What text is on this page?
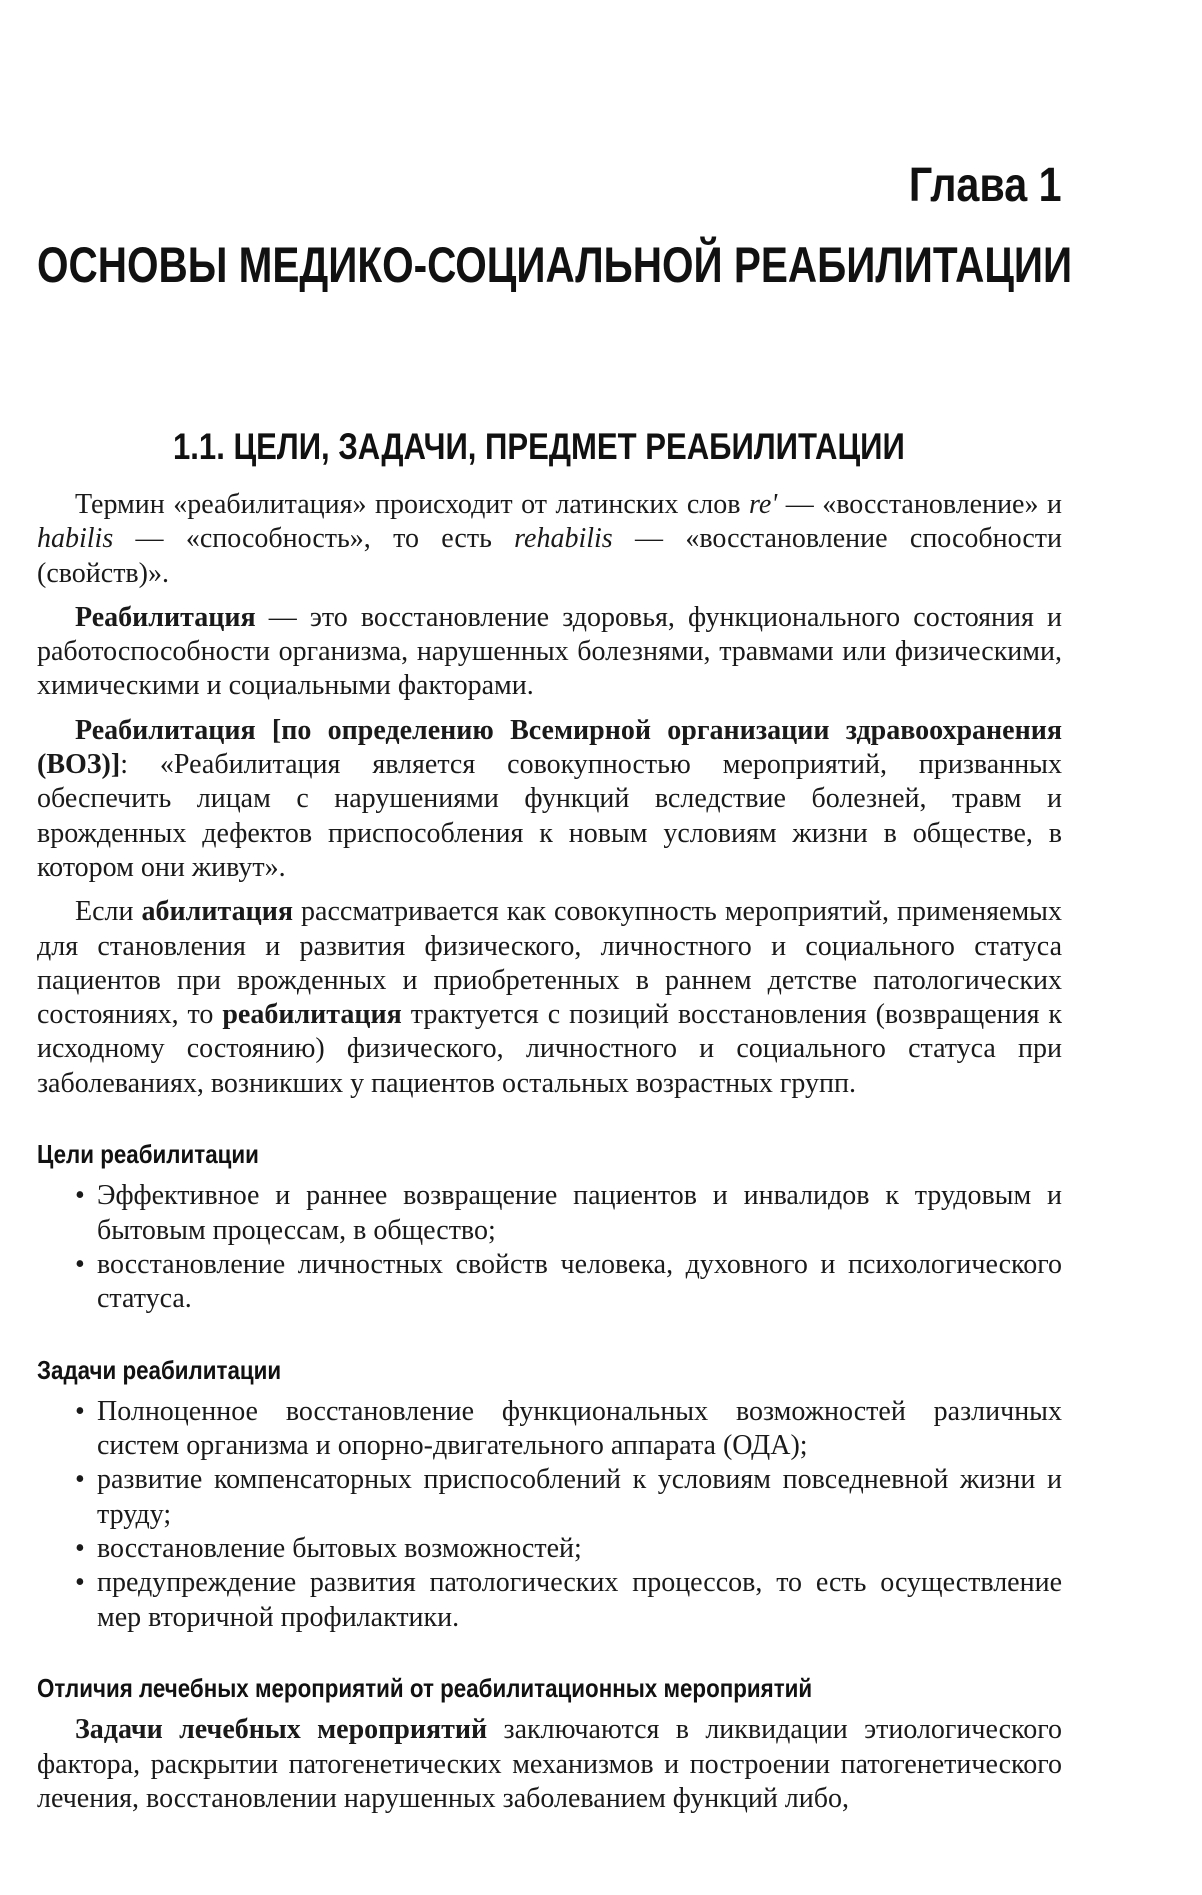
Глава 1
ОСНОВЫ МЕДИКО-СОЦИАЛЬНОЙ РЕАБИЛИТАЦИИ
1.1. ЦЕЛИ, ЗАДАЧИ, ПРЕДМЕТ РЕАБИЛИТАЦИИ

Термин «реабилитация» происходит от латинских слов re' — «восстановление» и habilis — «способность», то есть rehabilis — «восстановление способности (свойств)».

Реабилитация — это восстановление здоровья, функционального состояния и работоспособности организма, нарушенных болезнями, травмами или физическими, химическими и социальными факторами.

Реабилитация [по определению Всемирной организации здравоохранения (ВОЗ)]: «Реабилитация является совокупностью мероприятий, призванных обеспечить лицам с нарушениями функций вследствие болезней, травм и врожденных дефектов приспособления к новым условиям жизни в обществе, в котором они живут».

Если абилитация рассматривается как совокупность мероприятий, применяемых для становления и развития физического, личностного и социального статуса пациентов при врожденных и приобретенных в раннем детстве патологических состояниях, то реабилитация трактуется с позиций восстановления (возвращения к исходному состоянию) физического, личностного и социального статуса при заболеваниях, возникших у пациентов остальных возрастных групп.

Цели реабилитации
• Эффективное и раннее возвращение пациентов и инвалидов к трудовым и бытовым процессам, в общество;
• восстановление личностных свойств человека, духовного и психологического статуса.
Задачи реабилитации
• Полноценное восстановление функциональных возможностей различных систем организма и опорно-двигательного аппарата (ОДА);
• развитие компенсаторных приспособлений к условиям повседневной жизни и труду;
• восстановление бытовых возможностей;
• предупреждение развития патологических процессов, то есть осуществление мер вторичной профилактики.
Отличия лечебных мероприятий от реабилитационных мероприятий

Задачи лечебных мероприятий заключаются в ликвидации этиологического фактора, раскрытии патогенетических механизмов и построении патогенетического лечения, восстановлении нарушенных заболеванием функций либо,
